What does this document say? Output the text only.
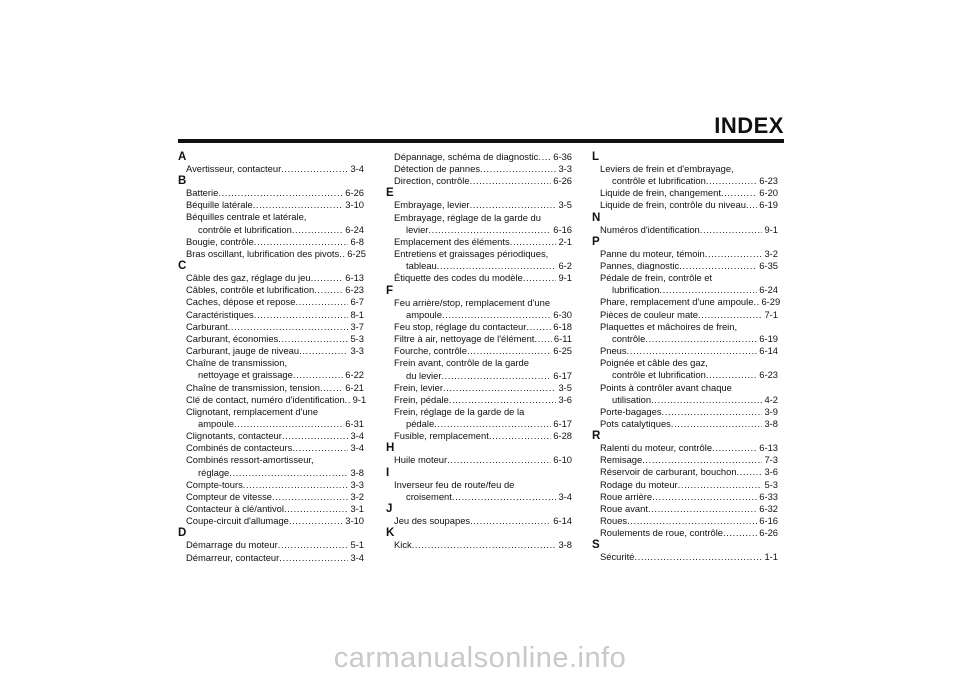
INDEX
A
Avertisseur, contacteur .....	3-4
B
Batterie .....	6-26
Béquille latérale .....	3-10
Béquilles centrale et latérale,
contrôle et lubrification .....	6-24
Bougie, contrôle .....	6-8
Bras oscillant, lubrification des pivots ..... 6-25
C
Câble des gaz, réglage du jeu .....	6-13
Câbles, contrôle et lubrification .....	6-23
Caches, dépose et repose .....	6-7
Caractéristiques .....	8-1
Carburant .....	3-7
Carburant, économies .....	5-3
Carburant, jauge de niveau .....	3-3
Chaîne de transmission,
nettoyage et graissage .....	6-22
Chaîne de transmission, tension .....	6-21
Clé de contact, numéro d'identification ..... 9-1
Clignotant, remplacement d'une
ampoule .....	6-31
Clignotants, contacteur .....	3-4
Combinés de contacteurs .....	3-4
Combinés ressort-amortisseur,
réglage .....	3-8
Compte-tours .....	3-3
Compteur de vitesse .....	3-2
Contacteur à clé/antivol .....	3-1
Coupe-circuit d'allumage .....	3-10
D
Démarrage du moteur .....	5-1
Démarreur, contacteur .....	3-4
Dépannage, schéma de diagnostic ..... 6-36
Détection de pannes .....	3-3
Direction, contrôle .....	6-26
E
Embrayage, levier .....	3-5
Embrayage, réglage de la garde du
levier .....	6-16
Emplacement des éléments .....	2-1
Entretiens et graissages périodiques,
tableau .....	6-2
Étiquette des codes du modèle .....	9-1
F
Feu arrière/stop, remplacement d'une
ampoule .....	6-30
Feu stop, réglage du contacteur .....	6-18
Filtre à air, nettoyage de l'élément ..... 6-11
Fourche, contrôle .....	6-25
Frein avant, contrôle de la garde
du levier .....	6-17
Frein, levier .....	3-5
Frein, pédale .....	3-6
Frein, réglage de la garde de la
pédale .....	6-17
Fusible, remplacement .....	6-28
H
Huile moteur .....	6-10
I
Inverseur feu de route/feu de
croisement .....	3-4
J
Jeu des soupapes .....	6-14
K
Kick .....	3-8
L
Leviers de frein et d'embrayage,
contrôle et lubrification .....	6-23
Liquide de frein, changement .....	6-20
Liquide de frein, contrôle du niveau ..... 6-19
N
Numéros d'identification .....	9-1
P
Panne du moteur, témoin .....	3-2
Pannes, diagnostic .....	6-35
Pédale de frein, contrôle et
lubrification .....	6-24
Phare, remplacement d'une ampoule ..... 6-29
Pièces de couleur mate .....	7-1
Plaquettes et mâchoires de frein,
contrôle .....	6-19
Pneus .....	6-14
Poignée et câble des gaz,
contrôle et lubrification .....	6-23
Points à contrôler avant chaque
utilisation .....	4-2
Porte-bagages .....	3-9
Pots catalytiques .....	3-8
R
Ralenti du moteur, contrôle .....	6-13
Remisage .....	7-3
Réservoir de carburant, bouchon .....	3-6
Rodage du moteur .....	5-3
Roue arrière .....	6-33
Roue avant .....	6-32
Roues .....	6-16
Roulements de roue, contrôle .....	6-26
S
Sécurité .....	1-1
carmanualsonline.info
